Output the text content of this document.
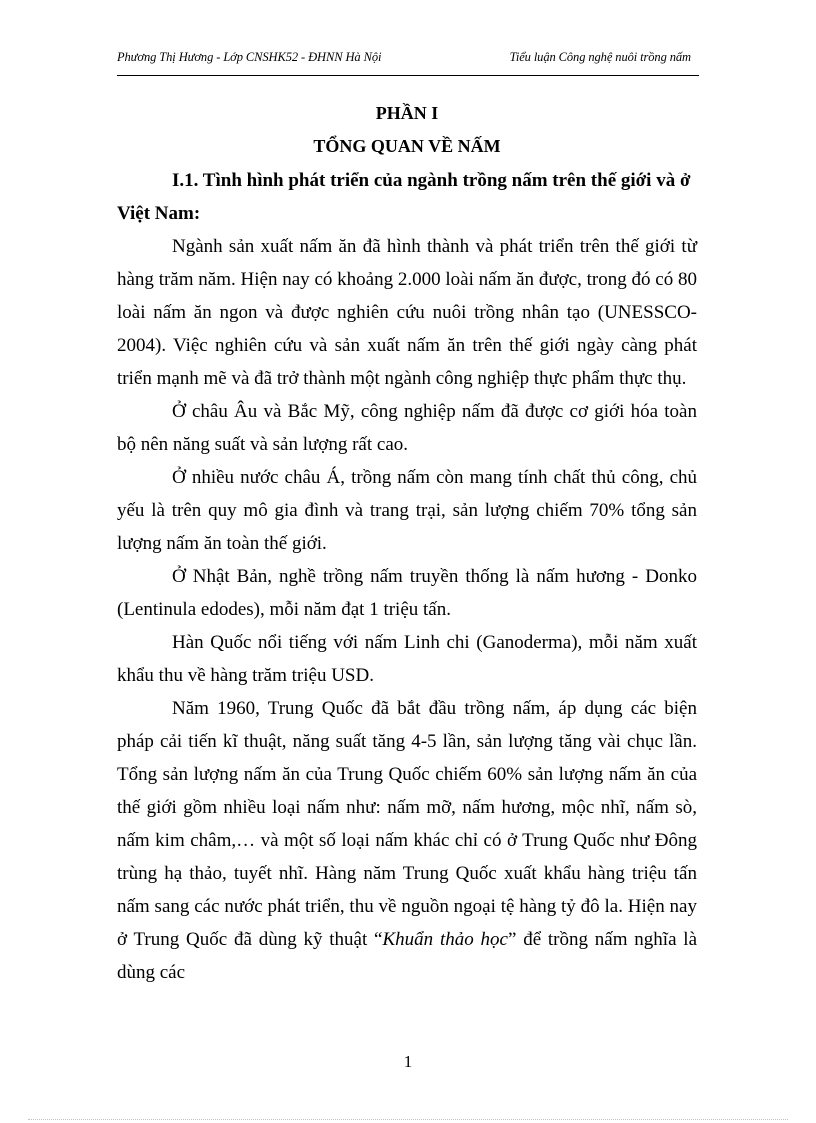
Phương Thị Hương - Lớp CNSHK52 - ĐHNN Hà Nội	Tiểu luận Công nghệ nuôi trồng nấm

PHẦN I

TỔNG QUAN VỀ NẤM

I.1. Tình hình phát triển của ngành trồng nấm trên thế giới và ở Việt Nam:

Ngành sản xuất nấm ăn đã hình thành và phát triển trên thế giới từ hàng trăm năm. Hiện nay có khoảng 2.000 loài nấm ăn được, trong đó có 80 loài nấm ăn ngon và được nghiên cứu nuôi trồng nhân tạo (UNESSCO-2004). Việc nghiên cứu và sản xuất nấm ăn trên thế giới ngày càng phát triển mạnh mẽ và đã trở thành một ngành công nghiệp thực phẩm thực thụ.

Ở châu Âu và Bắc Mỹ, công nghiệp nấm đã được cơ giới hóa toàn bộ nên năng suất và sản lượng rất cao.

Ở nhiều nước châu Á, trồng nấm còn mang tính chất thủ công, chủ yếu là trên quy mô gia đình và trang trại, sản lượng chiếm 70% tổng sản lượng nấm ăn toàn thế giới.

Ở Nhật Bản, nghề trồng nấm truyền thống là nấm hương - Donko (Lentinula edodes), mỗi năm đạt 1 triệu tấn.

Hàn Quốc nổi tiếng với nấm Linh chi (Ganoderma), mỗi năm xuất khẩu thu về hàng trăm triệu USD.

Năm 1960, Trung Quốc đã bắt đầu trồng nấm, áp dụng các biện pháp cải tiến kĩ thuật, năng suất tăng 4-5 lần, sản lượng tăng vài chục lần. Tổng sản lượng nấm ăn của Trung Quốc chiếm 60% sản lượng nấm ăn của thế giới gồm nhiều loại nấm như: nấm mỡ, nấm hương, mộc nhĩ, nấm sò, nấm kim châm,… và một số loại nấm khác chỉ có ở Trung Quốc như Đông trùng hạ thảo, tuyết nhĩ. Hàng năm Trung Quốc xuất khẩu hàng triệu tấn nấm sang các nước phát triển, thu về nguồn ngoại tệ hàng tỷ đô la. Hiện nay ở Trung Quốc đã dùng kỹ thuật “Khuẩn thảo học” để trồng nấm nghĩa là dùng các

1
